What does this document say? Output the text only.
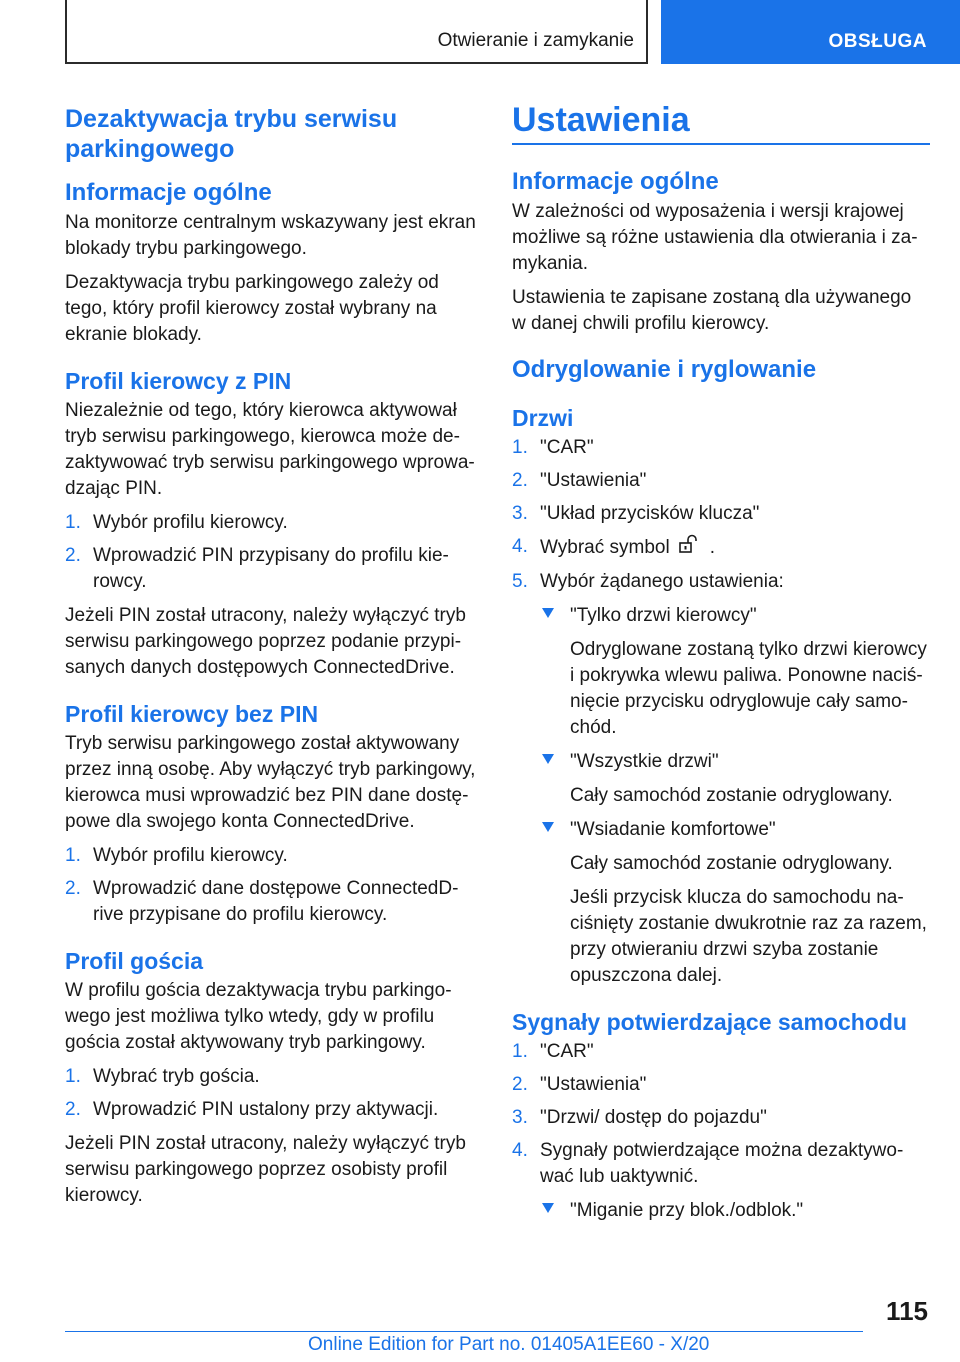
Otwieranie i zamykanie	OBSŁUGA
Dezaktywacja trybu serwisu parkingowego
Informacje ogólne

Na monitorze centralnym wskazywany jest ekran blokady trybu parkingowego.

Dezaktywacja trybu parkingowego zależy od tego, który profil kierowcy został wybrany na ekranie blokady.

Profil kierowcy z PIN

Niezależnie od tego, który kierowca aktywował tryb serwisu parkingowego, kierowca może dezaktywować tryb serwisu parkingowego wprowadzając PIN.

1. Wybór profilu kierowcy.
2. Wprowadzić PIN przypisany do profilu kierowcy.

Jeżeli PIN został utracony, należy wyłączyć tryb serwisu parkingowego poprzez podanie przypisanych danych dostępowych ConnectedDrive.

Profil kierowcy bez PIN

Tryb serwisu parkingowego został aktywowany przez inną osobę. Aby wyłączyć tryb parkingowy, kierowca musi wprowadzić bez PIN dane dostępowe dla swojego konta ConnectedDrive.

1. Wybór profilu kierowcy.
2. Wprowadzić dane dostępowe ConnectedDrive przypisane do profilu kierowcy.
Profil gościa

W profilu gościa dezaktywacja trybu parkingowego jest możliwa tylko wtedy, gdy w profilu gościa został aktywowany tryb parkingowy.

1. Wybrać tryb gościa.
2. Wprowadzić PIN ustalony przy aktywacji.

Jeżeli PIN został utracony, należy wyłączyć tryb serwisu parkingowego poprzez osobisty profil kierowcy.

Ustawienia
Informacje ogólne

W zależności od wyposażenia i wersji krajowej możliwe są różne ustawienia dla otwierania i zamykania.

Ustawienia te zapisane zostaną dla używanego w danej chwili profilu kierowcy.

Odryglowanie i ryglowanie
Drzwi
1. "CAR"
2. "Ustawienia"
3. "Układ przycisków klucza"
4. Wybrać symbol .
5. Wybór żądanego ustawienia:
"Tylko drzwi kierowcy"

Odryglowane zostaną tylko drzwi kierowcy i pokrywka wlewu paliwa. Ponowne naciśnięcie przycisku odryglowuje cały samochód.

"Wszystkie drzwi"

Cały samochód zostanie odryglowany.

"Wsiadanie komfortowe"

Cały samochód zostanie odryglowany.

Jeśli przycisk klucza do samochodu naciśnięty zostanie dwukrotnie raz za razem, przy otwieraniu drzwi szyba zostanie opuszczona dalej.

Sygnały potwierdzające samochodu
1. "CAR"
2. "Ustawienia"
3. "Drzwi/ dostęp do pojazdu"
4. Sygnały potwierdzające można dezaktywować lub uaktywnić.
"Miganie przy blok./odblok."
115
Online Edition for Part no. 01405A1EE60 - X/20
